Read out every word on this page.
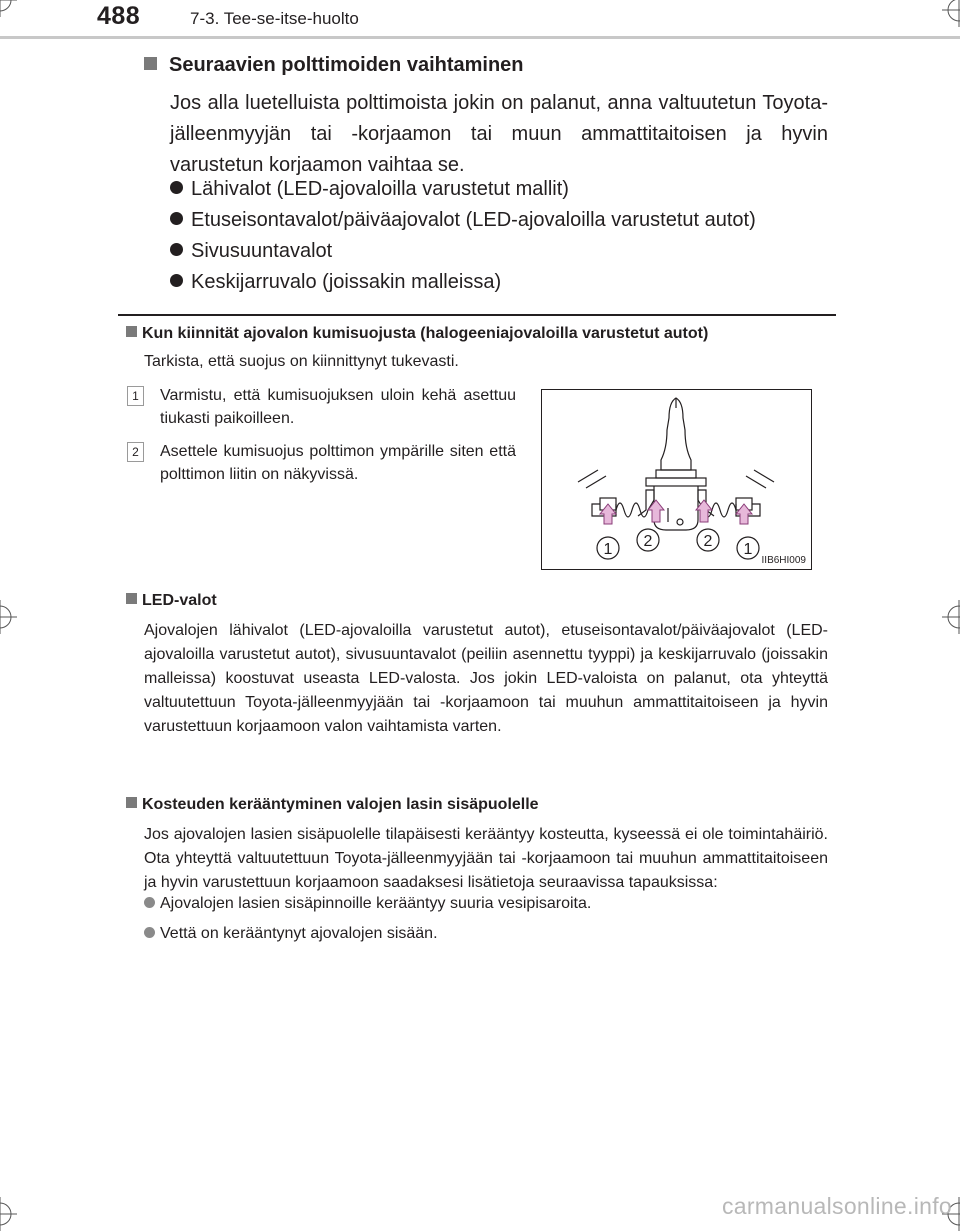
488	7-3. Tee-se-itse-huolto
Seuraavien polttimoiden vaihtaminen
Jos alla luetelluista polttimoista jokin on palanut, anna valtuutetun Toyota-jälleenmyyjän tai -korjaamon tai muun ammattitaitoisen ja hyvin varustetun korjaamon vaihtaa se.
Lähivalot (LED-ajovaloilla varustetut mallit)
Etuseisontavalot/päiväajovalot (LED-ajovaloilla varustetut autot)
Sivusuuntavalot
Keskijarruvalo (joissakin malleissa)
Kun kiinnität ajovalon kumisuojusta (halogeeniajovaloilla varustetut autot)
Tarkista, että suojus on kiinnittynyt tukevasti.
1	Varmistu, että kumisuojuksen uloin kehä asettuu tiukasti paikoilleen.
2	Asettele kumisuojus polttimon ympärille siten että polttimon liitin on näkyvissä.
1 2	2 1
IIB6HI009
LED-valot
Ajovalojen lähivalot (LED-ajovaloilla varustetut autot), etuseisontavalot/päiväajovalot (LED-ajovaloilla varustetut autot), sivusuuntavalot (peiliin asennettu tyyppi) ja keskijarruvalo (joissakin malleissa) koostuvat useasta LED-valosta. Jos jokin LED-valoista on palanut, ota yhteyttä valtuutettuun Toyota-jälleenmyyjään tai -korjaamoon tai muuhun ammattitaitoiseen ja hyvin varustettuun korjaamoon valon vaihtamista varten.
Kosteuden kerääntyminen valojen lasin sisäpuolelle
Jos ajovalojen lasien sisäpuolelle tilapäisesti kerääntyy kosteutta, kyseessä ei ole toimintahäiriö. Ota yhteyttä valtuutettuun Toyota-jälleenmyyjään tai -korjaamoon tai muuhun ammattitaitoiseen ja hyvin varustettuun korjaamoon saadaksesi lisätietoja seuraavissa tapauksissa:
Ajovalojen lasien sisäpinnoille kerääntyy suuria vesipisaroita.
Vettä on kerääntynyt ajovalojen sisään.
carmanualsonline.info
